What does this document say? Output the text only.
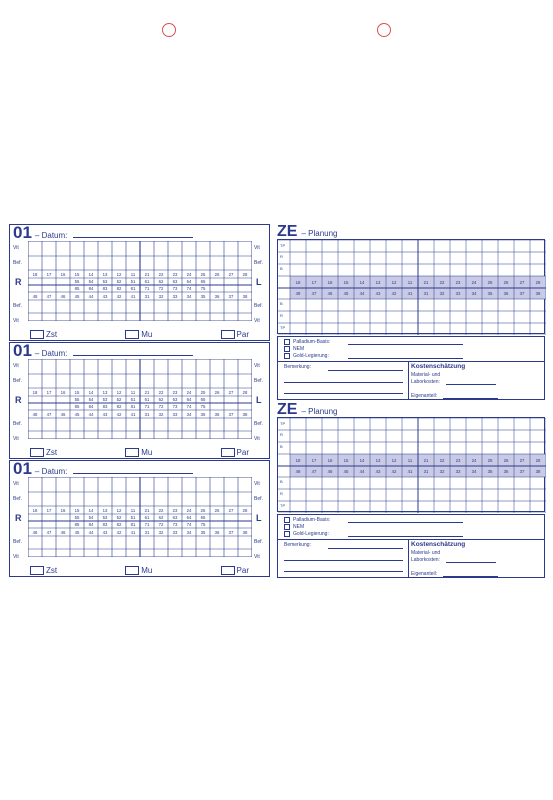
01 – Datum:
18 17 16 15 14 13 12 11 21 22 23 24 25 26 27 28
55 54 53 52 51 61 62 63 64 65
85 84 83 82 81 71 72 73 74 75
48 47 46 45 44 43 42 41 31 32 33 34 35 36 37 38
Vit
Bef.
Bef.
Vit
Vit
Bef.
Bef.
Vit
R	L
Zst	Mu	Par
01 – Datum:
18 17 16 15 14 13 12 11 21 22 23 24 25 26 27 28
55 54 53 52 51 61 62 63 64 65
85 84 83 82 81 71 72 73 74 75
48 47 46 45 44 43 42 41 31 32 33 34 35 36 37 38
Vit
Bef.
Bef.
Vit
Vit
Bef.
Bef.
Vit
R	L
Zst	Mu	Par
01 – Datum:
18 17 16 15 14 13 12 11 21 22 23 24 25 26 27 28
55 54 53 52 51 61 62 63 64 65
85 84 83 82 81 71 72 73 74 75
48 47 46 45 44 43 42 41 31 32 33 34 35 36 37 38
Vit
Bef.
Bef.
Vit
Vit
Bef.
Bef.
Vit
R	L
Zst	Mu	Par
ZE – Planung
18	17	16	15	14	13	12	11	21	22	23	24	25	26	27	28
48	47	46	45	44	43	42	41	31	32	33	34	35	36	37	38
TP
R
B
B
R
TP
Palladium-Basis:
NEM
Gold-Legierung:
Bemerkung:	Kostenschätzung
Material- und
Laborkosten:
Eigenanteil:
ZE – Planung
18	17	16	15	14	13	12	11	21	22	23	24	25	26	27	28
48	47	46	45	44	43	42	41	31	32	33	34	35	36	37	38
TP
R
B
B
R
TP
Palladium-Basis:
NEM
Gold-Legierung:
Bemerkung:	Kostenschätzung
Material- und
Laborkosten:
Eigenanteil:
